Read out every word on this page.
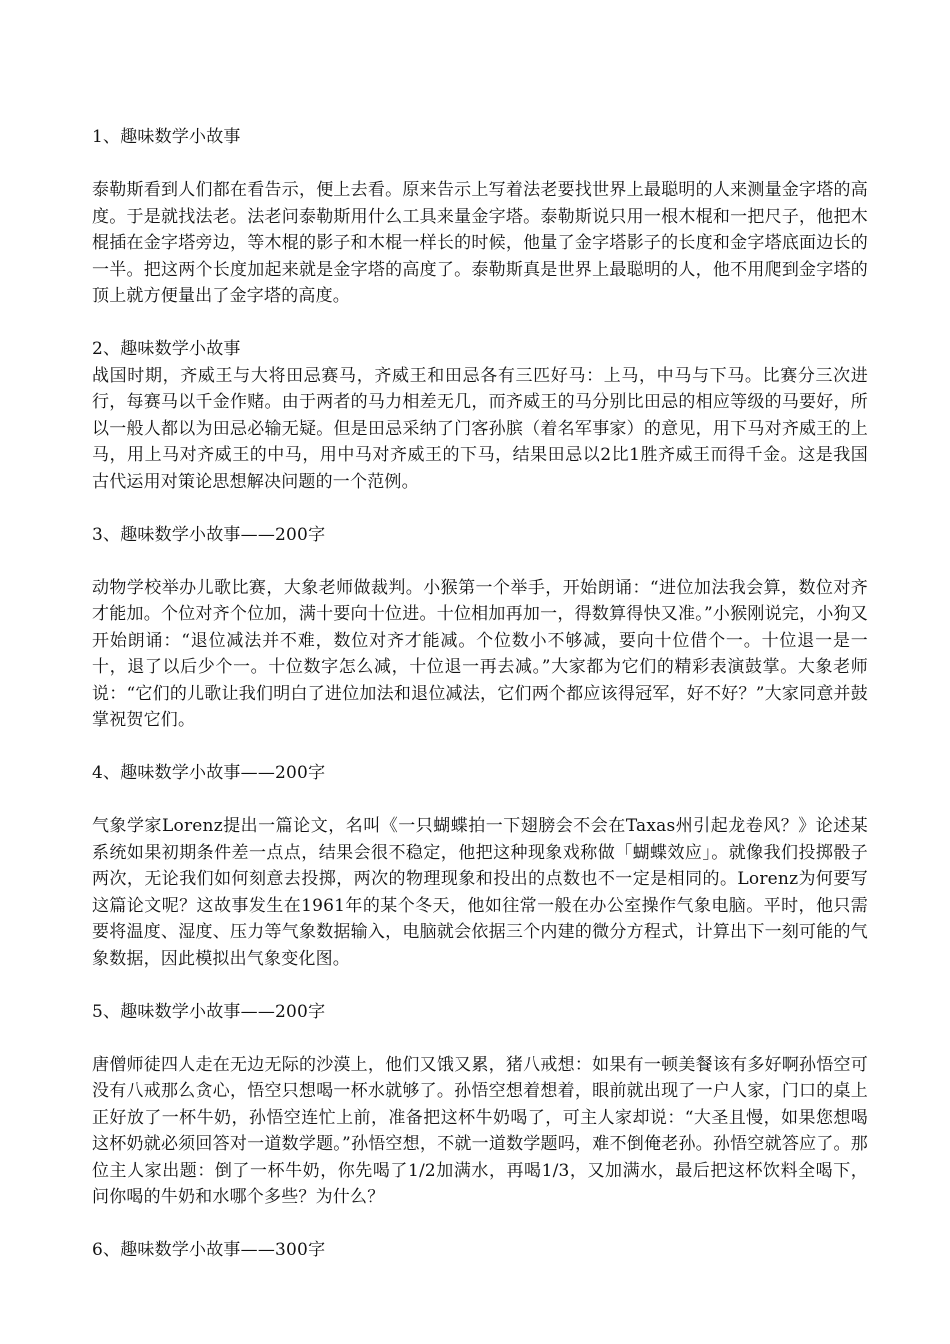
1、趣味数学小故事

泰勒斯看到人们都在看告示，便上去看。原来告示上写着法老要找世界上最聪明的人来测量金字塔的高度。于是就找法老。法老问泰勒斯用什么工具来量金字塔。泰勒斯说只用一根木棍和一把尺子，他把木棍插在金字塔旁边，等木棍的影子和木棍一样长的时候，他量了金字塔影子的长度和金字塔底面边长的一半。把这两个长度加起来就是金字塔的高度了。泰勒斯真是世界上最聪明的人，他不用爬到金字塔的顶上就方便量出了金字塔的高度。

2、趣味数学小故事

战国时期，齐威王与大将田忌赛马，齐威王和田忌各有三匹好马：上马，中马与下马。比赛分三次进行，每赛马以千金作赌。由于两者的马力相差无几，而齐威王的马分别比田忌的相应等级的马要好，所以一般人都以为田忌必输无疑。但是田忌采纳了门客孙膑（着名军事家）的意见，用下马对齐威王的上马，用上马对齐威王的中马，用中马对齐威王的下马，结果田忌以2比1胜齐威王而得千金。这是我国古代运用对策论思想解决问题的一个范例。

3、趣味数学小故事——200字

动物学校举办儿歌比赛，大象老师做裁判。小猴第一个举手，开始朗诵：“进位加法我会算，数位对齐才能加。个位对齐个位加，满十要向十位进。十位相加再加一，得数算得快又准。”小猴刚说完，小狗又开始朗诵：“退位减法并不难，数位对齐才能减。个位数小不够减，要向十位借个一。十位退一是一十，退了以后少个一。十位数字怎么减，十位退一再去减。”大家都为它们的精彩表演鼓掌。大象老师说：“它们的儿歌让我们明白了进位加法和退位减法，它们两个都应该得冠军，好不好？”大家同意并鼓掌祝贺它们。

4、趣味数学小故事——200字

气象学家Lorenz提出一篇论文，名叫《一只蝴蝶拍一下翅膀会不会在Taxas州引起龙卷风？》论述某系统如果初期条件差一点点，结果会很不稳定，他把这种现象戏称做「蝴蝶效应」。就像我们投掷骰子两次，无论我们如何刻意去投掷，两次的物理现象和投出的点数也不一定是相同的。Lorenz为何要写这篇论文呢？这故事发生在1961年的某个冬天，他如往常一般在办公室操作气象电脑。平时，他只需要将温度、湿度、压力等气象数据输入，电脑就会依据三个内建的微分方程式，计算出下一刻可能的气象数据，因此模拟出气象变化图。

5、趣味数学小故事——200字

唐僧师徒四人走在无边无际的沙漠上，他们又饿又累，猪八戒想：如果有一顿美餐该有多好啊孙悟空可没有八戒那么贪心，悟空只想喝一杯水就够了。孙悟空想着想着，眼前就出现了一户人家，门口的桌上正好放了一杯牛奶，孙悟空连忙上前，准备把这杯牛奶喝了，可主人家却说：“大圣且慢，如果您想喝这杯奶就必须回答对一道数学题。”孙悟空想，不就一道数学题吗，难不倒俺老孙。孙悟空就答应了。那位主人家出题：倒了一杯牛奶，你先喝了1/2加满水，再喝1/3，又加满水，最后把这杯饮料全喝下，问你喝的牛奶和水哪个多些？为什么？

6、趣味数学小故事——300字
